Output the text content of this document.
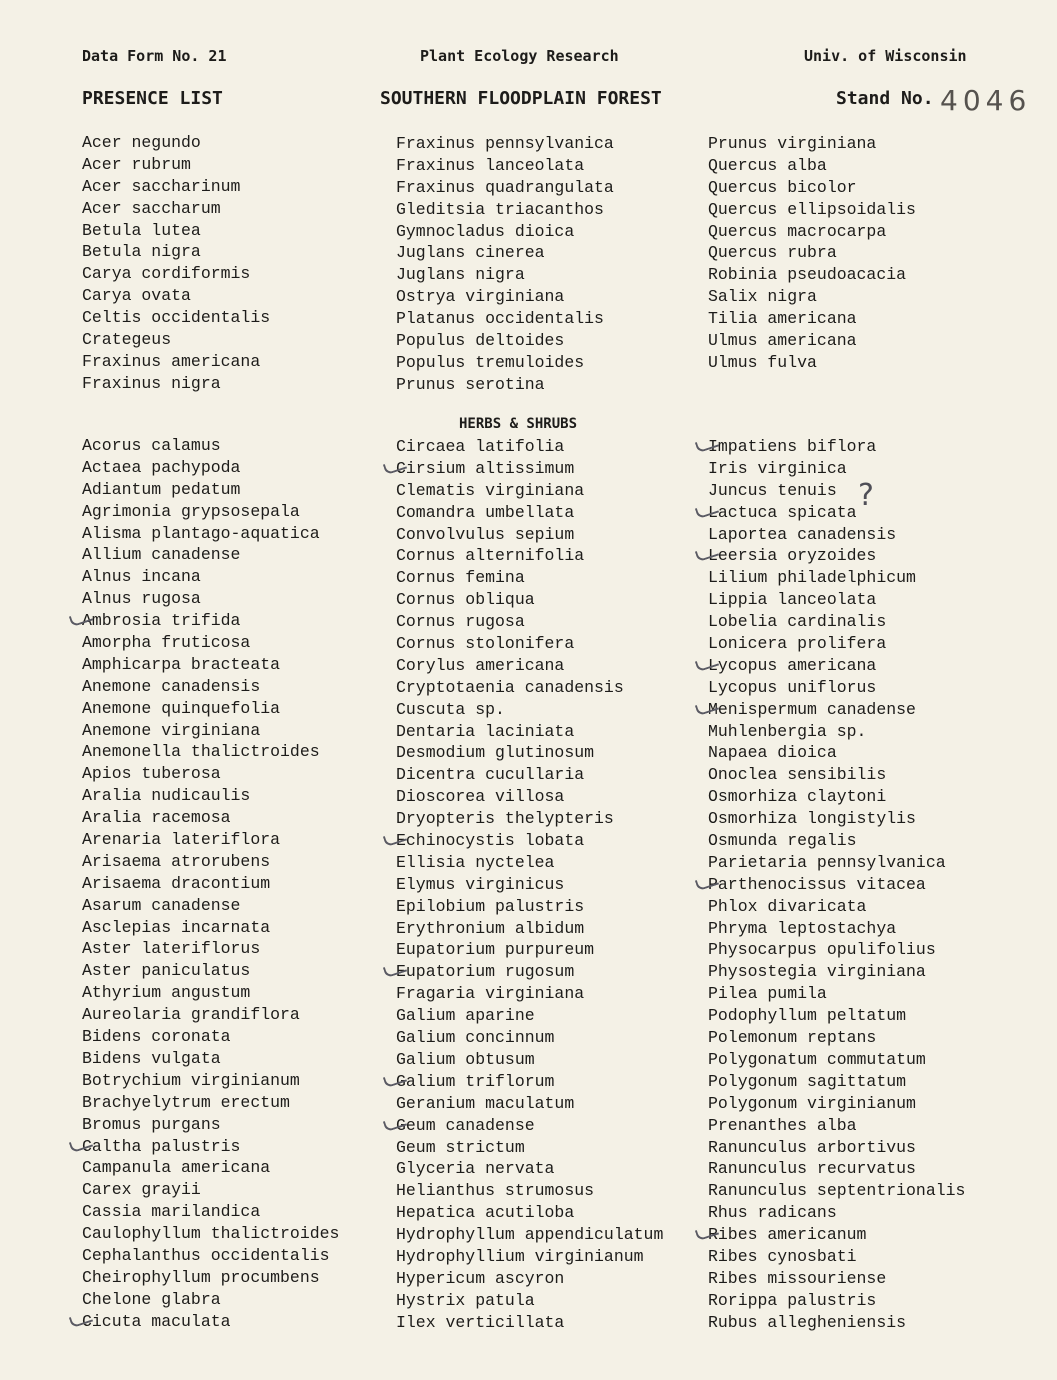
Data Form No. 21	Plant Ecology Research	Univ. of Wisconsin
PRESENCE LIST	SOUTHERN FLOODPLAIN FOREST	Stand No. 4046
Acer negundo
Acer rubrum
Acer saccharinum
Acer saccharum
Betula lutea
Betula nigra
Carya cordiformis
Carya ovata
Celtis occidentalis
Crategeus
Fraxinus americana
Fraxinus nigra
Fraxinus pennsylvanica
Fraxinus lanceolata
Fraxinus quadrangulata
Gleditsia triacanthos
Gymnocladus dioica
Juglans cinerea
Juglans nigra
Ostrya virginiana
Platanus occidentalis
Populus deltoides
Populus tremuloides
Prunus serotina
Prunus virginiana
Quercus alba
Quercus bicolor
Quercus ellipsoidalis
Quercus macrocarpa
Quercus rubra
Robinia pseudoacacia
Salix nigra
Tilia americana
Ulmus americana
Ulmus fulva
HERBS & SHRUBS
Acorus calamus
Actaea pachypoda
Adiantum pedatum
Agrimonia grypsosepala
Alisma plantago-aquatica
Allium canadense
Alnus incana
Alnus rugosa
Ambrosia trifida
Amorpha fruticosa
Amphicarpa bracteata
Anemone canadensis
Anemone quinquefolia
Anemone virginiana
Anemonella thalictroides
Apios tuberosa
Aralia nudicaulis
Aralia racemosa
Arenaria lateriflora
Arisaema atrorubens
Arisaema dracontium
Asarum canadense
Asclepias incarnata
Aster lateriflorus
Aster paniculatus
Athyrium angustum
Aureolaria grandiflora
Bidens coronata
Bidens vulgata
Botrychium virginianum
Brachyelytrum erectum
Bromus purgans
Caltha palustris
Campanula americana
Carex grayii
Cassia marilandica
Caulophyllum thalictroides
Cephalanthus occidentalis
Cheirophyllum procumbens
Chelone glabra
Cicuta maculata
Circaea latifolia
Cirsium altissimum
Clematis virginiana
Comandra umbellata
Convolvulus sepium
Cornus alternifolia
Cornus femina
Cornus obliqua
Cornus rugosa
Cornus stolonifera
Corylus americana
Cryptotaenia canadensis
Cuscuta sp.
Dentaria laciniata
Desmodium glutinosum
Dicentra cucullaria
Dioscorea villosa
Dryopteris thelypteris
Echinocystis lobata
Ellisia nyctelea
Elymus virginicus
Epilobium palustris
Erythronium albidum
Eupatorium purpureum
Eupatorium rugosum
Fragaria virginiana
Galium aparine
Galium concinnum
Galium obtusum
Galium triflorum
Geranium maculatum
Geum canadense
Geum strictum
Glyceria nervata
Helianthus strumosus
Hepatica acutiloba
Hydrophyllum appendiculatum
Hydrophyllium virginianum
Hypericum ascyron
Hystrix patula
Ilex verticillata
Impatiens biflora
Iris virginica
Juncus tenuis
Lactuca spicata
Laportea canadensis
Leersia oryzoides
Lilium philadelphicum
Lippia lanceolata
Lobelia cardinalis
Lonicera prolifera
Lycopus americana
Lycopus uniflorus
Menispermum canadense
Muhlenbergia sp.
Napaea dioica
Onoclea sensibilis
Osmorhiza claytoni
Osmorhiza longistylis
Osmunda regalis
Parietaria pennsylvanica
Parthenocissus vitacea
Phlox divaricata
Phryma leptostachya
Physocarpus opulifolius
Physostegia virginiana
Pilea pumila
Podophyllum peltatum
Polemonum reptans
Polygonatum commutatum
Polygonum sagittatum
Polygonum virginianum
Prenanthes alba
Ranunculus arbortivus
Ranunculus recurvatus
Ranunculus septentrionalis
Rhus radicans
Ribes americanum
Ribes cynosbati
Ribes missouriense
Rorippa palustris
Rubus allegheniensis
?
